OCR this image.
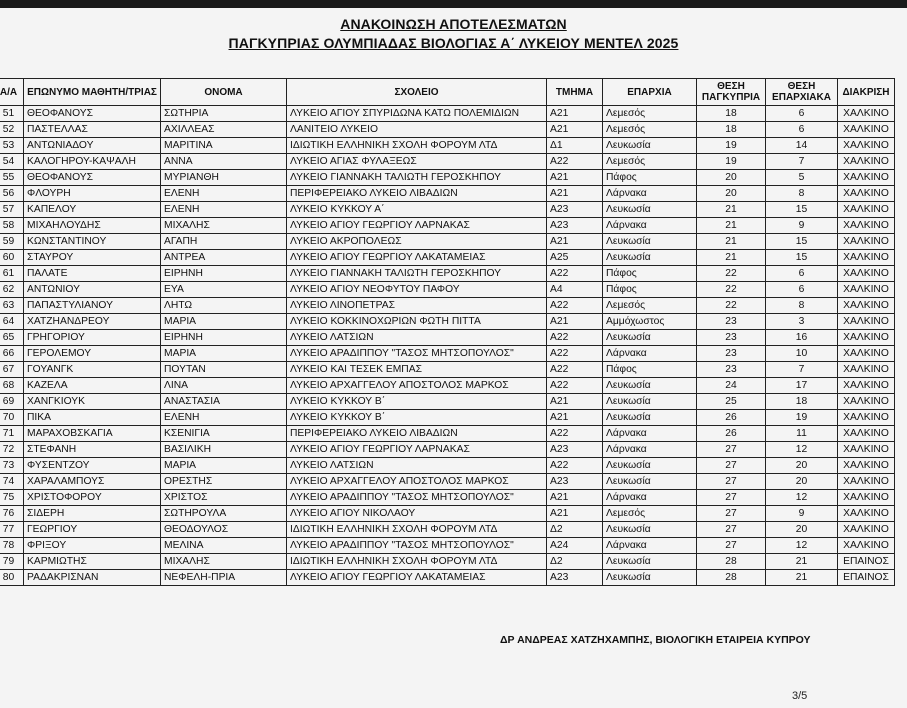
ΑΝΑΚΟΙΝΩΣΗ ΑΠΟΤΕΛΕΣΜΑΤΩΝ
ΠΑΓΚΥΠΡΙΑΣ ΟΛΥΜΠΙΑΔΑΣ ΒΙΟΛΟΓΙΑΣ Α΄ ΛΥΚΕΙΟΥ ΜΕΝΤΕΛ 2025
Α/Α	ΕΠΩΝΥΜΟ ΜΑΘΗΤΗ/ΤΡΙΑΣ	ΟΝΟΜΑ	ΣΧΟΛΕΙΟ	ΤΜΗΜΑ	ΕΠΑΡΧΙΑ	ΘΕΣΗ ΠΑΓΚΥΠΡΙΑ	ΘΕΣΗ ΕΠΑΡΧΙΑΚΑ	ΔΙΑΚΡΙΣΗ
51	ΘΕΟΦΑΝΟΥΣ	ΣΩΤΗΡΙΑ	ΛΥΚΕΙΟ ΑΓΙΟΥ ΣΠΥΡΙΔΩΝΑ ΚΑΤΩ ΠΟΛΕΜΙΔΙΩΝ	Α21	Λεμεσός	18	6	ΧΑΛΚΙΝΟ
52	ΠΑΣΤΕΛΛΑΣ	ΑΧΙΛΛΕΑΣ	ΛΑΝΙΤΕΙΟ ΛΥΚΕΙΟ	Α21	Λεμεσός	18	6	ΧΑΛΚΙΝΟ
53	ΑΝΤΩΝΙΑΔΟΥ	ΜΑΡΙΤΙΝΑ	ΙΔΙΩΤΙΚΗ ΕΛΛΗΝΙΚΗ ΣΧΟΛΗ ΦΟΡΟΥΜ ΛΤΔ	Δ1	Λευκωσία	19	14	ΧΑΛΚΙΝΟ
54	ΚΑΛΟΓΗΡΟΥ-ΚΑΨΑΛΗ	ΑΝΝΑ	ΛΥΚΕΙΟ ΑΓΙΑΣ ΦΥΛΑΞΕΩΣ	Α22	Λεμεσός	19	7	ΧΑΛΚΙΝΟ
55	ΘΕΟΦΑΝΟΥΣ	ΜΥΡΙΑΝΘΗ	ΛΥΚΕΙΟ ΓΙΑΝΝΑΚΗ ΤΑΛΙΩΤΗ ΓΕΡΟΣΚΗΠΟΥ	Α21	Πάφος	20	5	ΧΑΛΚΙΝΟ
56	ΦΛΟΥΡΗ	ΕΛΕΝΗ	ΠΕΡΙΦΕΡΕΙΑΚΟ ΛΥΚΕΙΟ ΛΙΒΑΔΙΩΝ	Α21	Λάρνακα	20	8	ΧΑΛΚΙΝΟ
57	ΚΑΠΕΛΟΥ	ΕΛΕΝΗ	ΛΥΚΕΙΟ ΚΥΚΚΟΥ Α΄	Α23	Λευκωσία	21	15	ΧΑΛΚΙΝΟ
58	ΜΙΧΑΗΛΟΥΔΗΣ	ΜΙΧΑΛΗΣ	ΛΥΚΕΙΟ ΑΓΙΟΥ ΓΕΩΡΓΙΟΥ ΛΑΡΝΑΚΑΣ	Α23	Λάρνακα	21	9	ΧΑΛΚΙΝΟ
59	ΚΩΝΣΤΑΝΤΙΝΟΥ	ΑΓΑΠΗ	ΛΥΚΕΙΟ ΑΚΡΟΠΟΛΕΩΣ	Α21	Λευκωσία	21	15	ΧΑΛΚΙΝΟ
60	ΣΤΑΥΡΟΥ	ΑΝΤΡΕΑ	ΛΥΚΕΙΟ ΑΓΙΟΥ ΓΕΩΡΓΙΟΥ ΛΑΚΑΤΑΜΕΙΑΣ	Α25	Λευκωσία	21	15	ΧΑΛΚΙΝΟ
61	ΠΑΛΑΤΕ	ΕΙΡΗΝΗ	ΛΥΚΕΙΟ ΓΙΑΝΝΑΚΗ ΤΑΛΙΩΤΗ ΓΕΡΟΣΚΗΠΟΥ	Α22	Πάφος	22	6	ΧΑΛΚΙΝΟ
62	ΑΝΤΩΝΙΟΥ	ΕΥΑ	ΛΥΚΕΙΟ ΑΓΙΟΥ ΝΕΟΦΥΤΟΥ ΠΑΦΟΥ	Α4	Πάφος	22	6	ΧΑΛΚΙΝΟ
63	ΠΑΠΑΣΤΥΛΙΑΝΟΥ	ΛΗΤΩ	ΛΥΚΕΙΟ ΛΙΝΟΠΕΤΡΑΣ	Α22	Λεμεσός	22	8	ΧΑΛΚΙΝΟ
64	ΧΑΤΖΗΑΝΔΡΕΟΥ	ΜΑΡΙΑ	ΛΥΚΕΙΟ ΚΟΚΚΙΝΟΧΩΡΙΩΝ ΦΩΤΗ ΠΙΤΤΑ	Α21	Αμμόχωστος	23	3	ΧΑΛΚΙΝΟ
65	ΓΡΗΓΟΡΙΟΥ	ΕΙΡΗΝΗ	ΛΥΚΕΙΟ ΛΑΤΣΙΩΝ	Α22	Λευκωσία	23	16	ΧΑΛΚΙΝΟ
66	ΓΕΡΟΛΕΜΟΥ	ΜΑΡΙΑ	ΛΥΚΕΙΟ ΑΡΑΔΙΠΠΟΥ "ΤΑΣΟΣ ΜΗΤΣΟΠΟΥΛΟΣ"	Α22	Λάρνακα	23	10	ΧΑΛΚΙΝΟ
67	ΓΟΥΑΝΓΚ	ΠΟΥΤΑΝ	ΛΥΚΕΙΟ ΚΑΙ ΤΕΣΕΚ ΕΜΠΑΣ	Α22	Πάφος	23	7	ΧΑΛΚΙΝΟ
68	ΚΑΖΕΛΑ	ΛΙΝΑ	ΛΥΚΕΙΟ ΑΡΧΑΓΓΕΛΟΥ ΑΠΟΣΤΟΛΟΣ ΜΑΡΚΟΣ	Α22	Λευκωσία	24	17	ΧΑΛΚΙΝΟ
69	ΧΑΝΓΚΙΟΥΚ	ΑΝΑΣΤΑΣΙΑ	ΛΥΚΕΙΟ ΚΥΚΚΟΥ Β΄	Α21	Λευκωσία	25	18	ΧΑΛΚΙΝΟ
70	ΠΙΚΑ	ΕΛΕΝΗ	ΛΥΚΕΙΟ ΚΥΚΚΟΥ Β΄	Α21	Λευκωσία	26	19	ΧΑΛΚΙΝΟ
71	ΜΑΡΑΧΟΒΣΚΑΓΙΑ	ΚΣΕΝΙΓΙΑ	ΠΕΡΙΦΕΡΕΙΑΚΟ ΛΥΚΕΙΟ ΛΙΒΑΔΙΩΝ	Α22	Λάρνακα	26	11	ΧΑΛΚΙΝΟ
72	ΣΤΕΦΑΝΗ	ΒΑΣΙΛΙΚΗ	ΛΥΚΕΙΟ ΑΓΙΟΥ ΓΕΩΡΓΙΟΥ ΛΑΡΝΑΚΑΣ	Α23	Λάρνακα	27	12	ΧΑΛΚΙΝΟ
73	ΦΥΣΕΝΤΖΟΥ	ΜΑΡΙΑ	ΛΥΚΕΙΟ ΛΑΤΣΙΩΝ	Α22	Λευκωσία	27	20	ΧΑΛΚΙΝΟ
74	ΧΑΡΑΛΑΜΠΟΥΣ	ΟΡΕΣΤΗΣ	ΛΥΚΕΙΟ ΑΡΧΑΓΓΕΛΟΥ ΑΠΟΣΤΟΛΟΣ ΜΑΡΚΟΣ	Α23	Λευκωσία	27	20	ΧΑΛΚΙΝΟ
75	ΧΡΙΣΤΟΦΟΡΟΥ	ΧΡΙΣΤΟΣ	ΛΥΚΕΙΟ ΑΡΑΔΙΠΠΟΥ "ΤΑΣΟΣ ΜΗΤΣΟΠΟΥΛΟΣ"	Α21	Λάρνακα	27	12	ΧΑΛΚΙΝΟ
76	ΣΙΔΕΡΗ	ΣΩΤΗΡΟΥΛΑ	ΛΥΚΕΙΟ ΑΓΙΟΥ ΝΙΚΟΛΑΟΥ	Α21	Λεμεσός	27	9	ΧΑΛΚΙΝΟ
77	ΓΕΩΡΓΙΟΥ	ΘΕΟΔΟΥΛΟΣ	ΙΔΙΩΤΙΚΗ ΕΛΛΗΝΙΚΗ ΣΧΟΛΗ ΦΟΡΟΥΜ ΛΤΔ	Δ2	Λευκωσία	27	20	ΧΑΛΚΙΝΟ
78	ΦΡΙΞΟΥ	ΜΕΛΙΝΑ	ΛΥΚΕΙΟ ΑΡΑΔΙΠΠΟΥ "ΤΑΣΟΣ ΜΗΤΣΟΠΟΥΛΟΣ"	Α24	Λάρνακα	27	12	ΧΑΛΚΙΝΟ
79	ΚΑΡΜΙΩΤΗΣ	ΜΙΧΑΛΗΣ	ΙΔΙΩΤΙΚΗ ΕΛΛΗΝΙΚΗ ΣΧΟΛΗ ΦΟΡΟΥΜ ΛΤΔ	Δ2	Λευκωσία	28	21	ΕΠΑΙΝΟΣ
80	ΡΑΔΑΚΡΙΣΝΑΝ	ΝΕΦΕΛΗ-ΠΡΙΑ	ΛΥΚΕΙΟ ΑΓΙΟΥ ΓΕΩΡΓΙΟΥ ΛΑΚΑΤΑΜΕΙΑΣ	Α23	Λευκωσία	28	21	ΕΠΑΙΝΟΣ
ΔΡ ΑΝΔΡΕΑΣ ΧΑΤΖΗΧΑΜΠΗΣ, ΒΙΟΛΟΓΙΚΗ ΕΤΑΙΡΕΙΑ ΚΥΠΡΟΥ
3/5
